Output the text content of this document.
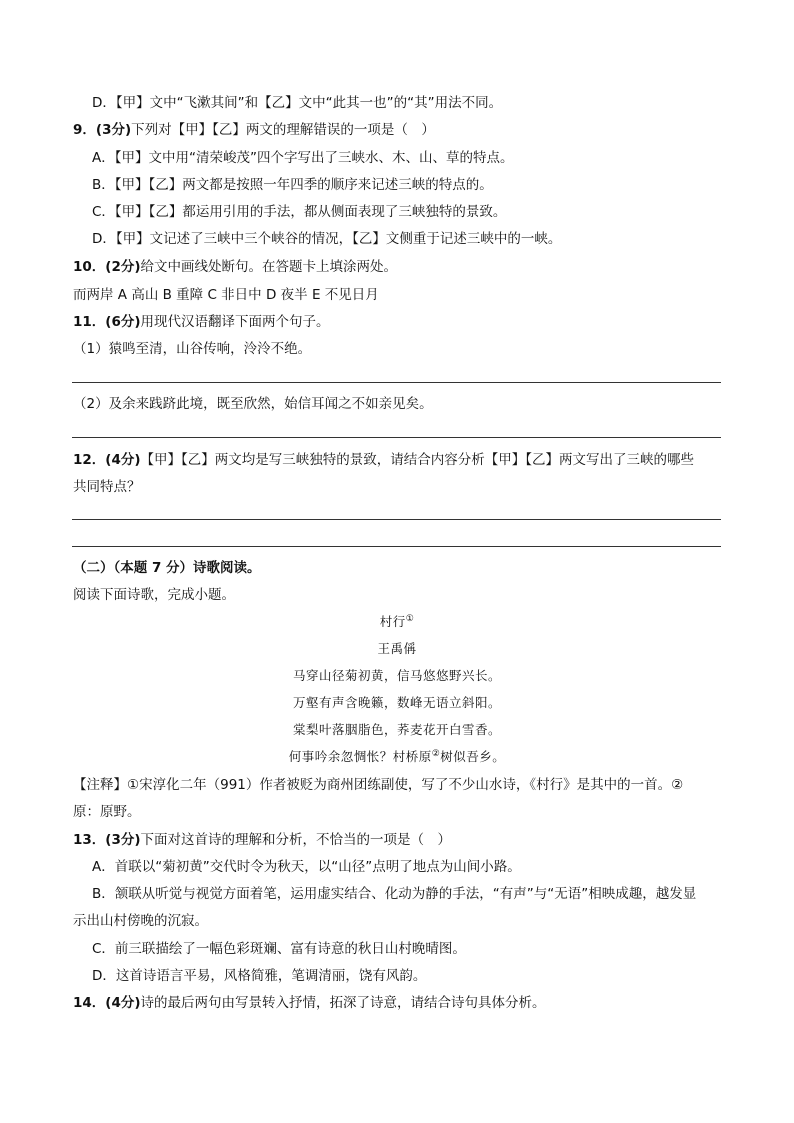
D．【甲】文中“飞漱其间”和【乙】文中“此其一也”的“其”用法不同。
9．(3分)下列对【甲】【乙】两文的理解错误的一项是（　）
A．【甲】文中用“清荣峻茂”四个字写出了三峡水、木、山、草的特点。
B．【甲】【乙】两文都是按照一年四季的顺序来记述三峡的特点的。
C．【甲】【乙】都运用引用的手法，都从侧面表现了三峡独特的景致。
D．【甲】文记述了三峡中三个峡谷的情况，【乙】文侧重于记述三峡中的一峡。
10．(2分)给文中画线处断句。在答题卡上填涂两处。
而两岸 A 高山 B 重障 C 非日中 D 夜半 E 不见日月
11．(6分)用现代汉语翻译下面两个句子。
（1）猿鸣至清，山谷传响，泠泠不绝。
（2）及余来践跻此境，既至欣然，始信耳闻之不如亲见矣。
12．(4分)【甲】【乙】两文均是写三峡独特的景致，请结合内容分析【甲】【乙】两文写出了三峡的哪些
共同特点？
（二）（本题 7 分）诗歌阅读。
阅读下面诗歌，完成小题。
村行①
王禹偁
马穿山径菊初黄，信马悠悠野兴长。
万壑有声含晚籁，数峰无语立斜阳。
棠梨叶落胭脂色，荞麦花开白雪香。
何事吟余忽惆怅？村桥原②树似吾乡。
【注释】①宋淳化二年（991）作者被贬为商州团练副使，写了不少山水诗，《村行》是其中的一首。②
原：原野。
13．(3分)下面对这首诗的理解和分析，不恰当的一项是（　）
A．首联以“菊初黄”交代时令为秋天，以“山径”点明了地点为山间小路。
B．颔联从听觉与视觉方面着笔，运用虚实结合、化动为静的手法，“有声”与“无语”相映成趣，越发显
示出山村傍晚的沉寂。
C．前三联描绘了一幅色彩斑斓、富有诗意的秋日山村晚晴图。
D．这首诗语言平易，风格简雅，笔调清丽，饶有风韵。
14．(4分)诗的最后两句由写景转入抒情，拓深了诗意，请结合诗句具体分析。
